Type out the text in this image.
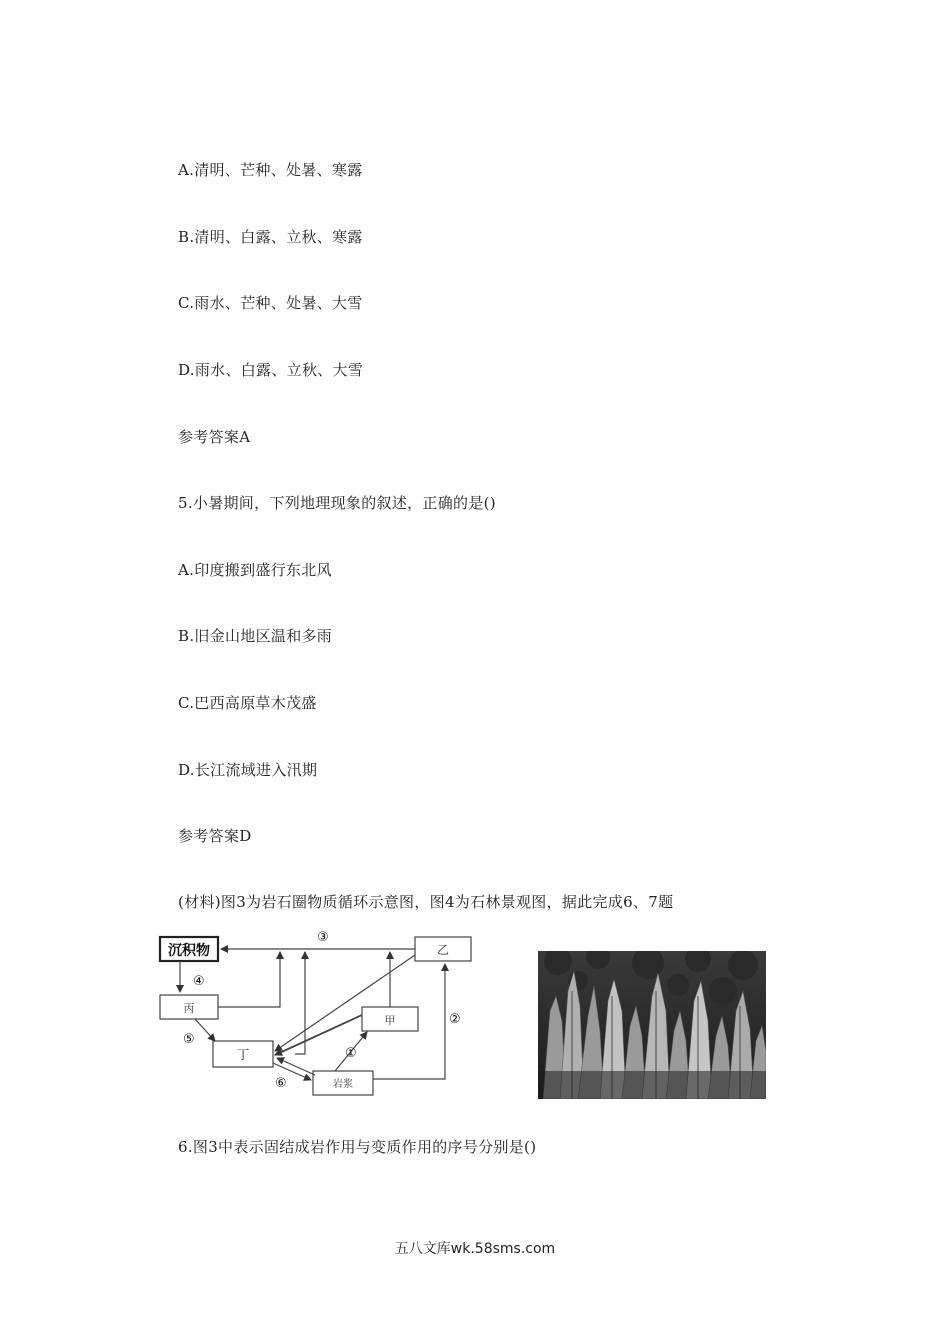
A.清明、芒种、处暑、寒露
B.清明、白露、立秋、寒露
C.雨水、芒种、处暑、大雪
D.雨水、白露、立秋、大雪
参考答案A
5.小暑期间，下列地理现象的叙述，正确的是()
A.印度搬到盛行东北风
B.旧金山地区温和多雨
C.巴西高原草木茂盛
D.长江流域进入汛期
参考答案D
(材料)图3为岩石圈物质循环示意图，图4为石林景观图，据此完成6、7题
沉积物	乙
丙
甲
丁
岩浆
③
④
⑤
①
②
⑥
6.图3中表示固结成岩作用与变质作用的序号分别是()
五八文库wk.58sms.com
